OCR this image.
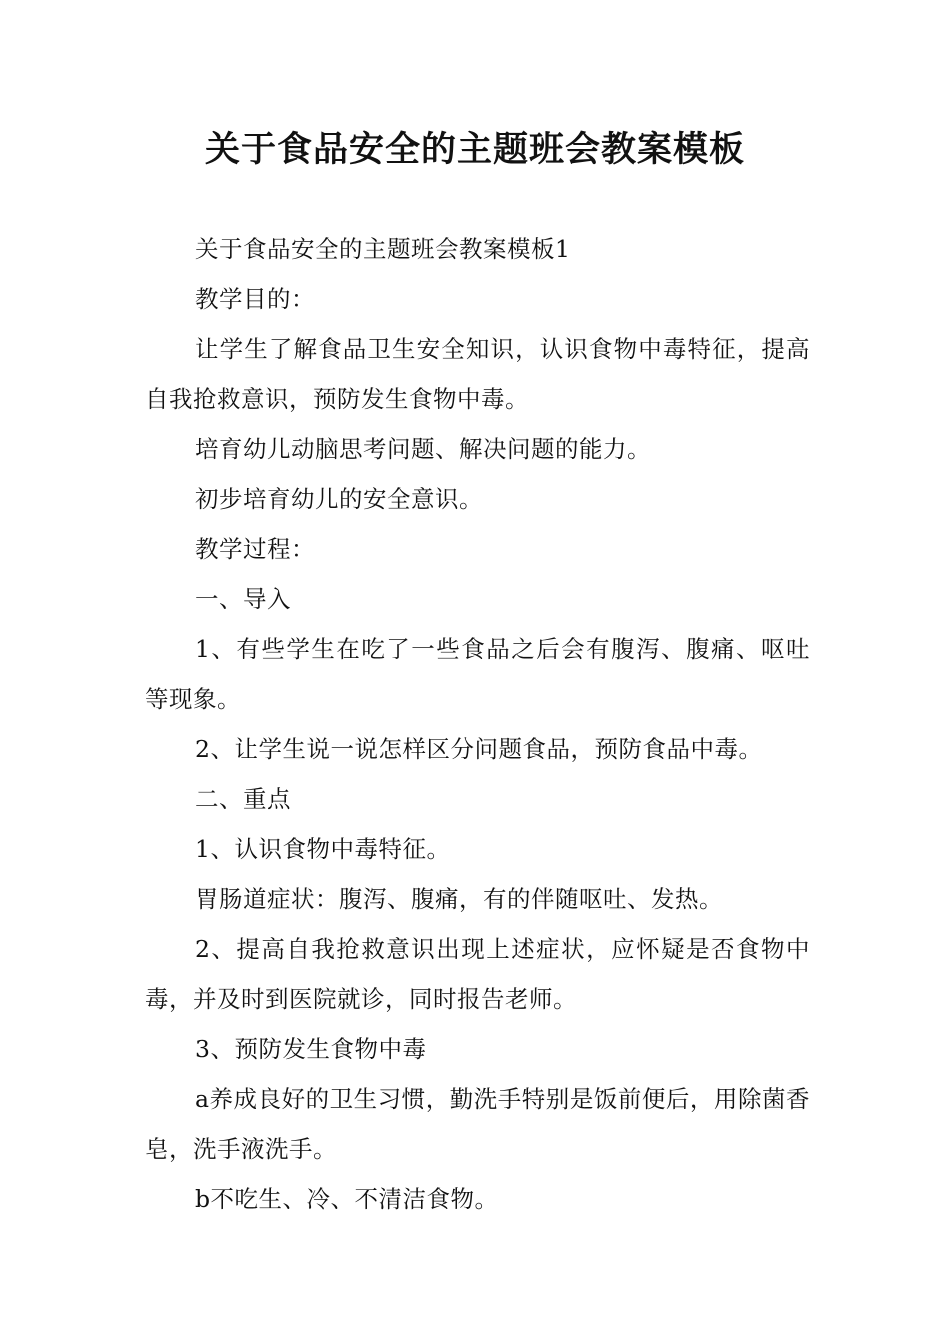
关于食品安全的主题班会教案模板

关于食品安全的主题班会教案模板1

教学目的：

让学生了解食品卫生安全知识，认识食物中毒特征，提高自我抢救意识，预防发生食物中毒。

培育幼儿动脑思考问题、解决问题的能力。

初步培育幼儿的安全意识。

教学过程：

一、导入

1、有些学生在吃了一些食品之后会有腹泻、腹痛、呕吐等现象。

2、让学生说一说怎样区分问题食品，预防食品中毒。

二、重点

1、认识食物中毒特征。

胃肠道症状：腹泻、腹痛，有的伴随呕吐、发热。

2、提高自我抢救意识出现上述症状，应怀疑是否食物中毒，并及时到医院就诊，同时报告老师。

3、预防发生食物中毒

a养成良好的卫生习惯，勤洗手特别是饭前便后，用除菌香皂，洗手液洗手。

b不吃生、冷、不清洁食物。
